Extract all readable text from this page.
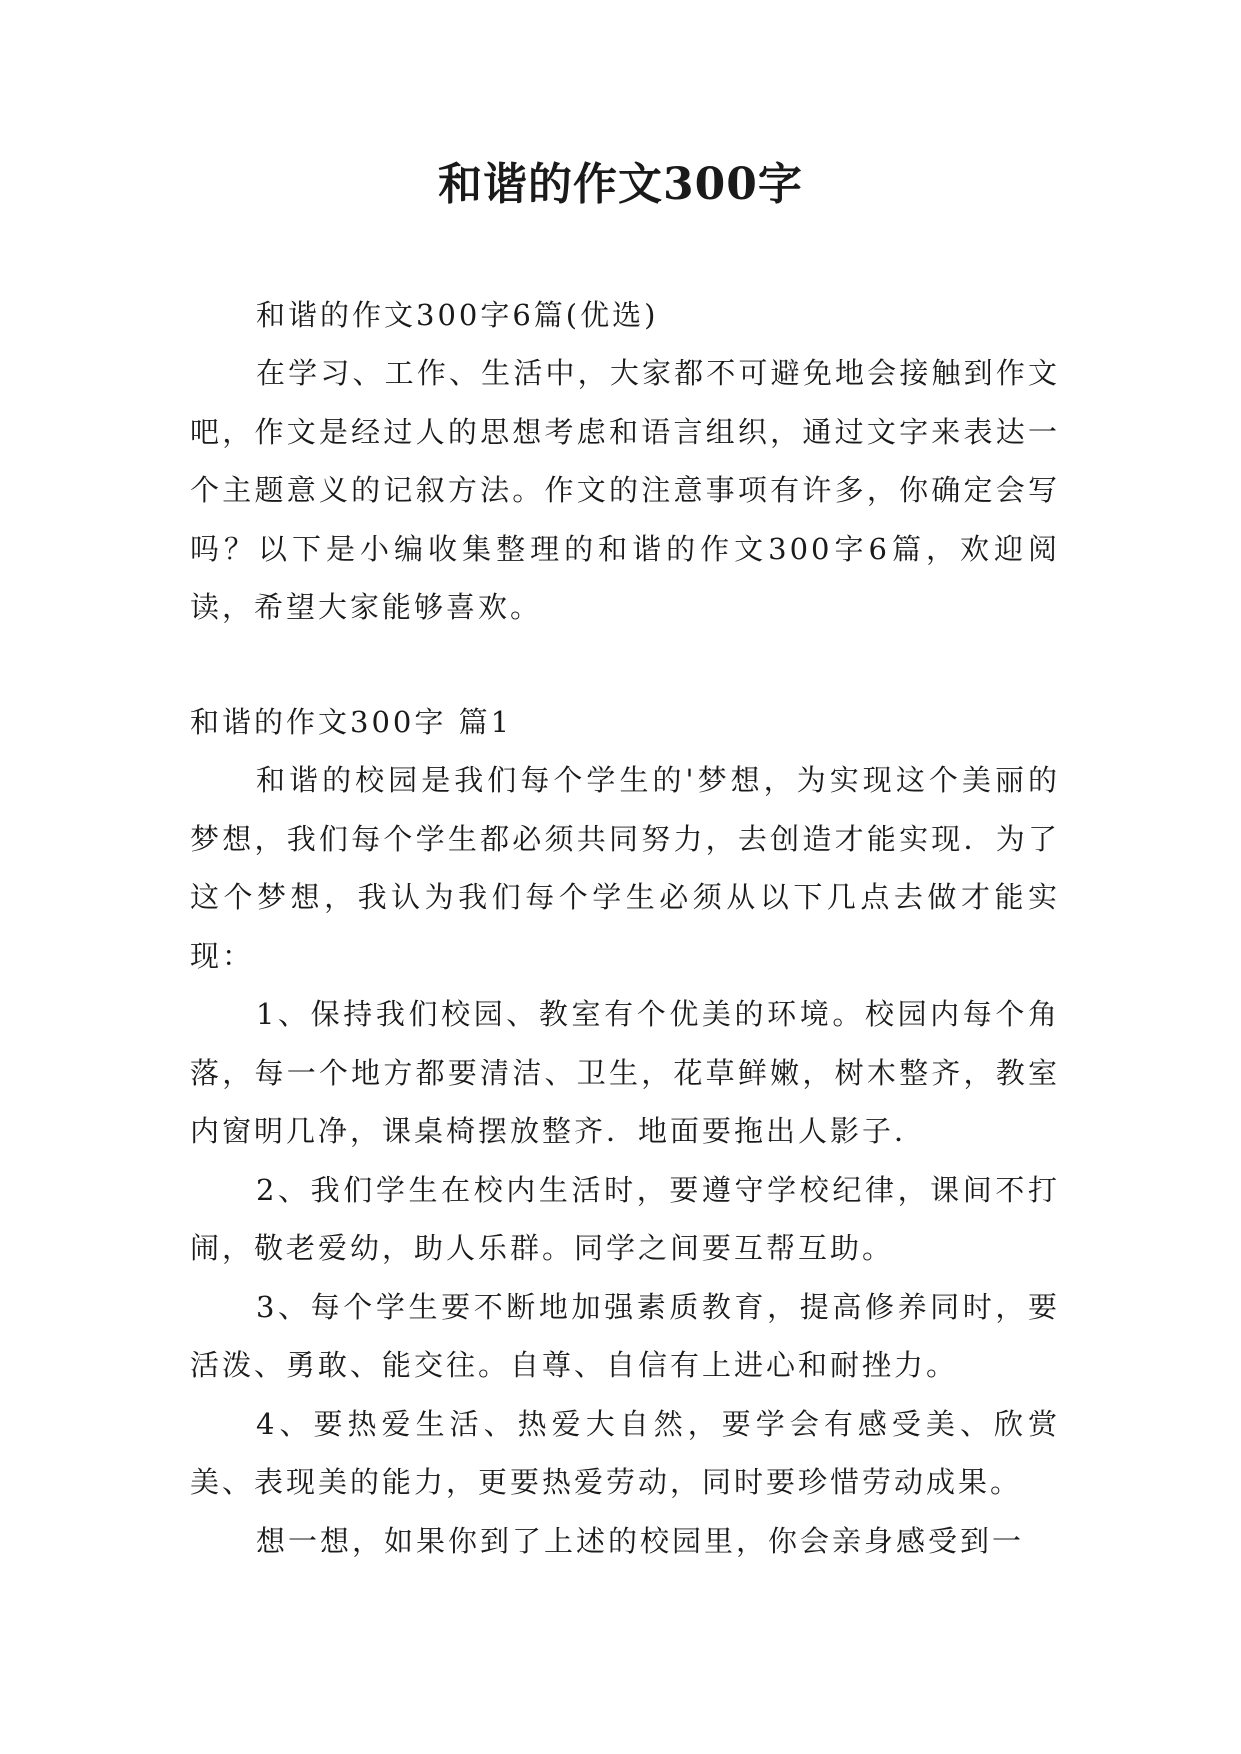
和谐的作文300字
和谐的作文300字6篇(优选)

在学习、工作、生活中，大家都不可避免地会接触到作文吧，作文是经过人的思想考虑和语言组织，通过文字来表达一个主题意义的记叙方法。作文的注意事项有许多，你确定会写吗？以下是小编收集整理的和谐的作文300字6篇，欢迎阅读，希望大家能够喜欢。

和谐的作文300字 篇1

和谐的校园是我们每个学生的'梦想，为实现这个美丽的梦想，我们每个学生都必须共同努力，去创造才能实现．为了这个梦想，我认为我们每个学生必须从以下几点去做才能实现：

1、保持我们校园、教室有个优美的环境。校园内每个角落，每一个地方都要清洁、卫生，花草鲜嫩，树木整齐，教室内窗明几净，课桌椅摆放整齐．地面要拖出人影子．

2、我们学生在校内生活时，要遵守学校纪律，课间不打闹，敬老爱幼，助人乐群。同学之间要互帮互助。

3、每个学生要不断地加强素质教育，提高修养同时，要活泼、勇敢、能交往。自尊、自信有上进心和耐挫力。

4、要热爱生活、热爱大自然，要学会有感受美、欣赏美、表现美的能力，更要热爱劳动，同时要珍惜劳动成果。

想一想，如果你到了上述的校园里，你会亲身感受到一
